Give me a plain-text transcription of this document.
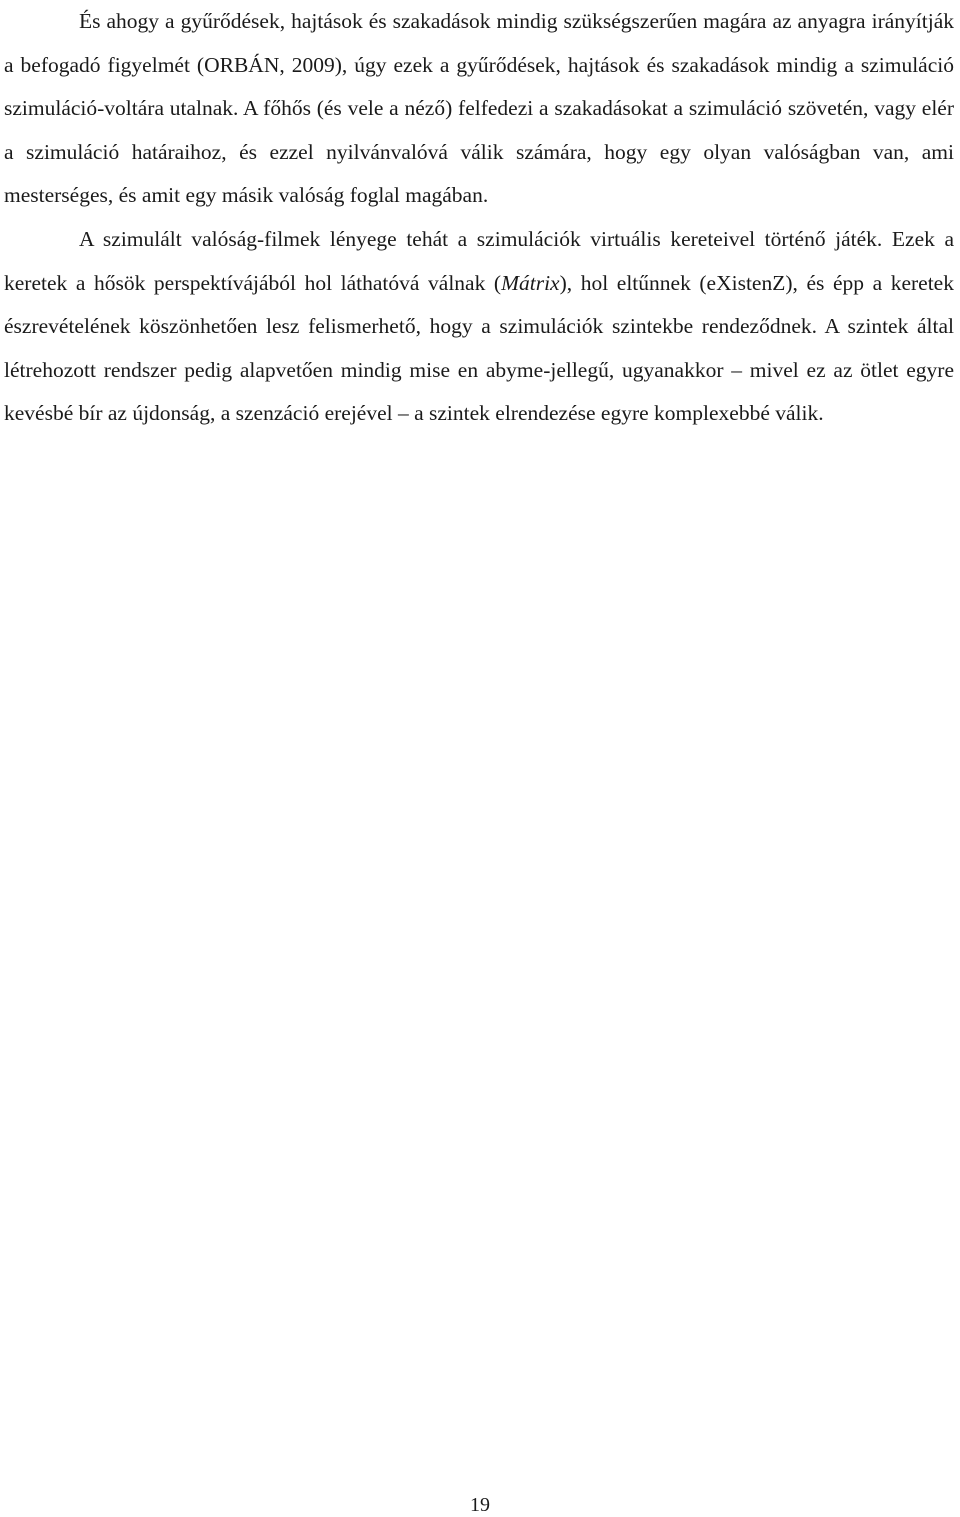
És ahogy a gyűrődések, hajtások és szakadások mindig szükségszerűen magára az anyagra irányítják a befogadó figyelmét (ORBÁN, 2009), úgy ezek a gyűrődések, hajtások és szakadások mindig a szimuláció szimuláció-voltára utalnak. A főhős (és vele a néző) felfedezi a szakadásokat a szimuláció szövetén, vagy elér a szimuláció határaihoz, és ezzel nyilvánvalóvá válik számára, hogy egy olyan valóságban van, ami mesterséges, és amit egy másik valóság foglal magában.

A szimulált valóság-filmek lényege tehát a szimulációk virtuális kereteivel történő játék. Ezek a keretek a hősök perspektívájából hol láthatóvá válnak (Mátrix), hol eltűnnek (eXistenZ), és épp a keretek észrevételének köszönhetően lesz felismerhető, hogy a szimulációk szintekbe rendeződnek. A szintek által létrehozott rendszer pedig alapvetően mindig mise en abyme-jellegű, ugyanakkor – mivel ez az ötlet egyre kevésbé bír az újdonság, a szenzáció erejével – a szintek elrendezése egyre komplexebbé válik.

19
